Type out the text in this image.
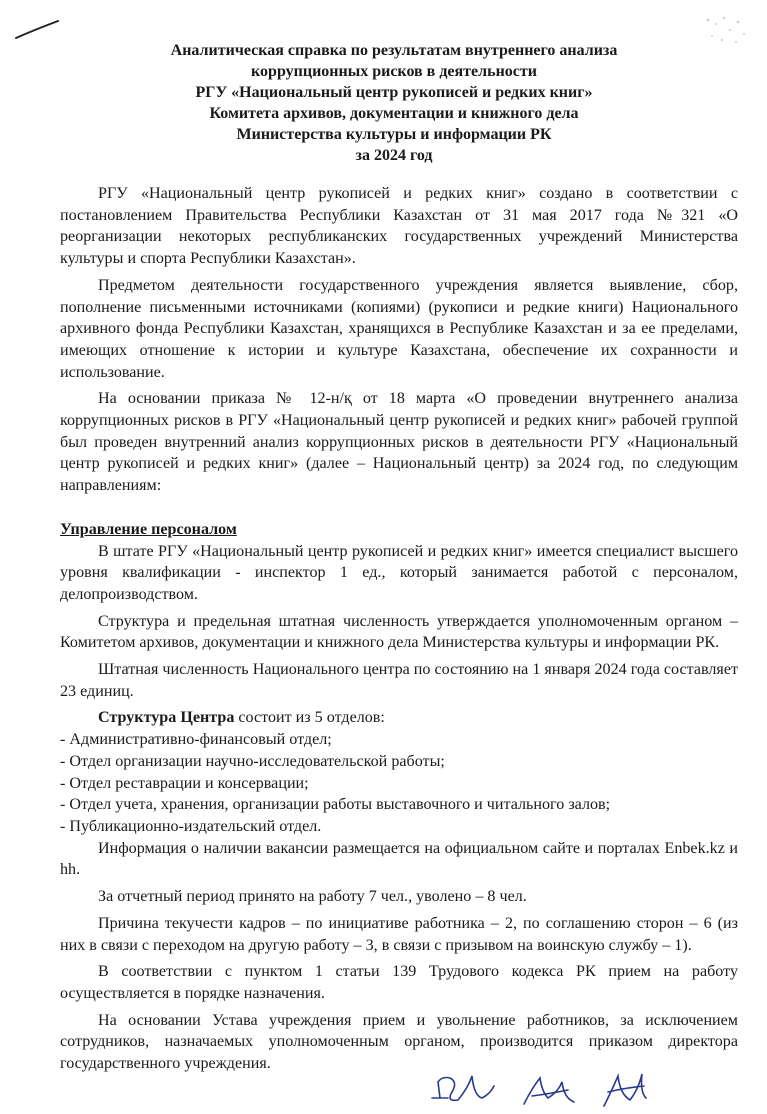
Аналитическая справка по результатам внутреннего анализа
коррупционных рисков в деятельности
РГУ «Национальный центр рукописей и редких книг»
Комитета архивов, документации и книжного дела
Министерства культуры и информации РК
за 2024 год

РГУ «Национальный центр рукописей и редких книг» создано в соответствии с постановлением Правительства Республики Казахстан от 31 мая 2017 года №321 «О реорганизации некоторых республиканских государственных учреждений Министерства культуры и спорта Республики Казахстан».

Предметом деятельности государственного учреждения является выявление, сбор, пополнение письменными источниками (копиями) (рукописи и редкие книги) Национального архивного фонда Республики Казахстан, хранящихся в Республике Казахстан и за ее пределами, имеющих отношение к истории и культуре Казахстана, обеспечение их сохранности и использование.

На основании приказа № 12-н/қ от 18 марта «О проведении внутреннего анализа коррупционных рисков в РГУ «Национальный центр рукописей и редких книг» рабочей группой был проведен внутренний анализ коррупционных рисков в деятельности РГУ «Национальный центр рукописей и редких книг» (далее – Национальный центр) за 2024 год, по следующим направлениям:

Управление персоналом

В штате РГУ «Национальный центр рукописей и редких книг» имеется специалист высшего уровня квалификации - инспектор 1 ед., который занимается работой с персоналом, делопроизводством.

Структура и предельная штатная численность утверждается уполномоченным органом – Комитетом архивов, документации и книжного дела Министерства культуры и информации РК.

Штатная численность Национального центра по состоянию на 1 января 2024 года составляет 23 единиц.

Структура Центра состоит из 5 отделов:

- Административно-финансовый отдел;
- Отдел организации научно-исследовательской работы;
- Отдел реставрации и консервации;
- Отдел учета, хранения, организации работы выставочного и читального залов;
- Публикационно-издательский отдел.

Информация о наличии вакансии размещается на официальном сайте и порталах Enbek.kz и hh.

За отчетный период принято на работу 7 чел., уволено – 8 чел.

Причина текучести кадров – по инициативе работника – 2, по соглашению сторон – 6 (из них в связи с переходом на другую работу – 3, в связи с призывом на воинскую службу – 1).

В соответствии с пунктом 1 статьи 139 Трудового кодекса РК прием на работу осуществляется в порядке назначения.

На основании Устава учреждения прием и увольнение работников, за исключением сотрудников, назначаемых уполномоченным органом, производится приказом директора государственного учреждения.
